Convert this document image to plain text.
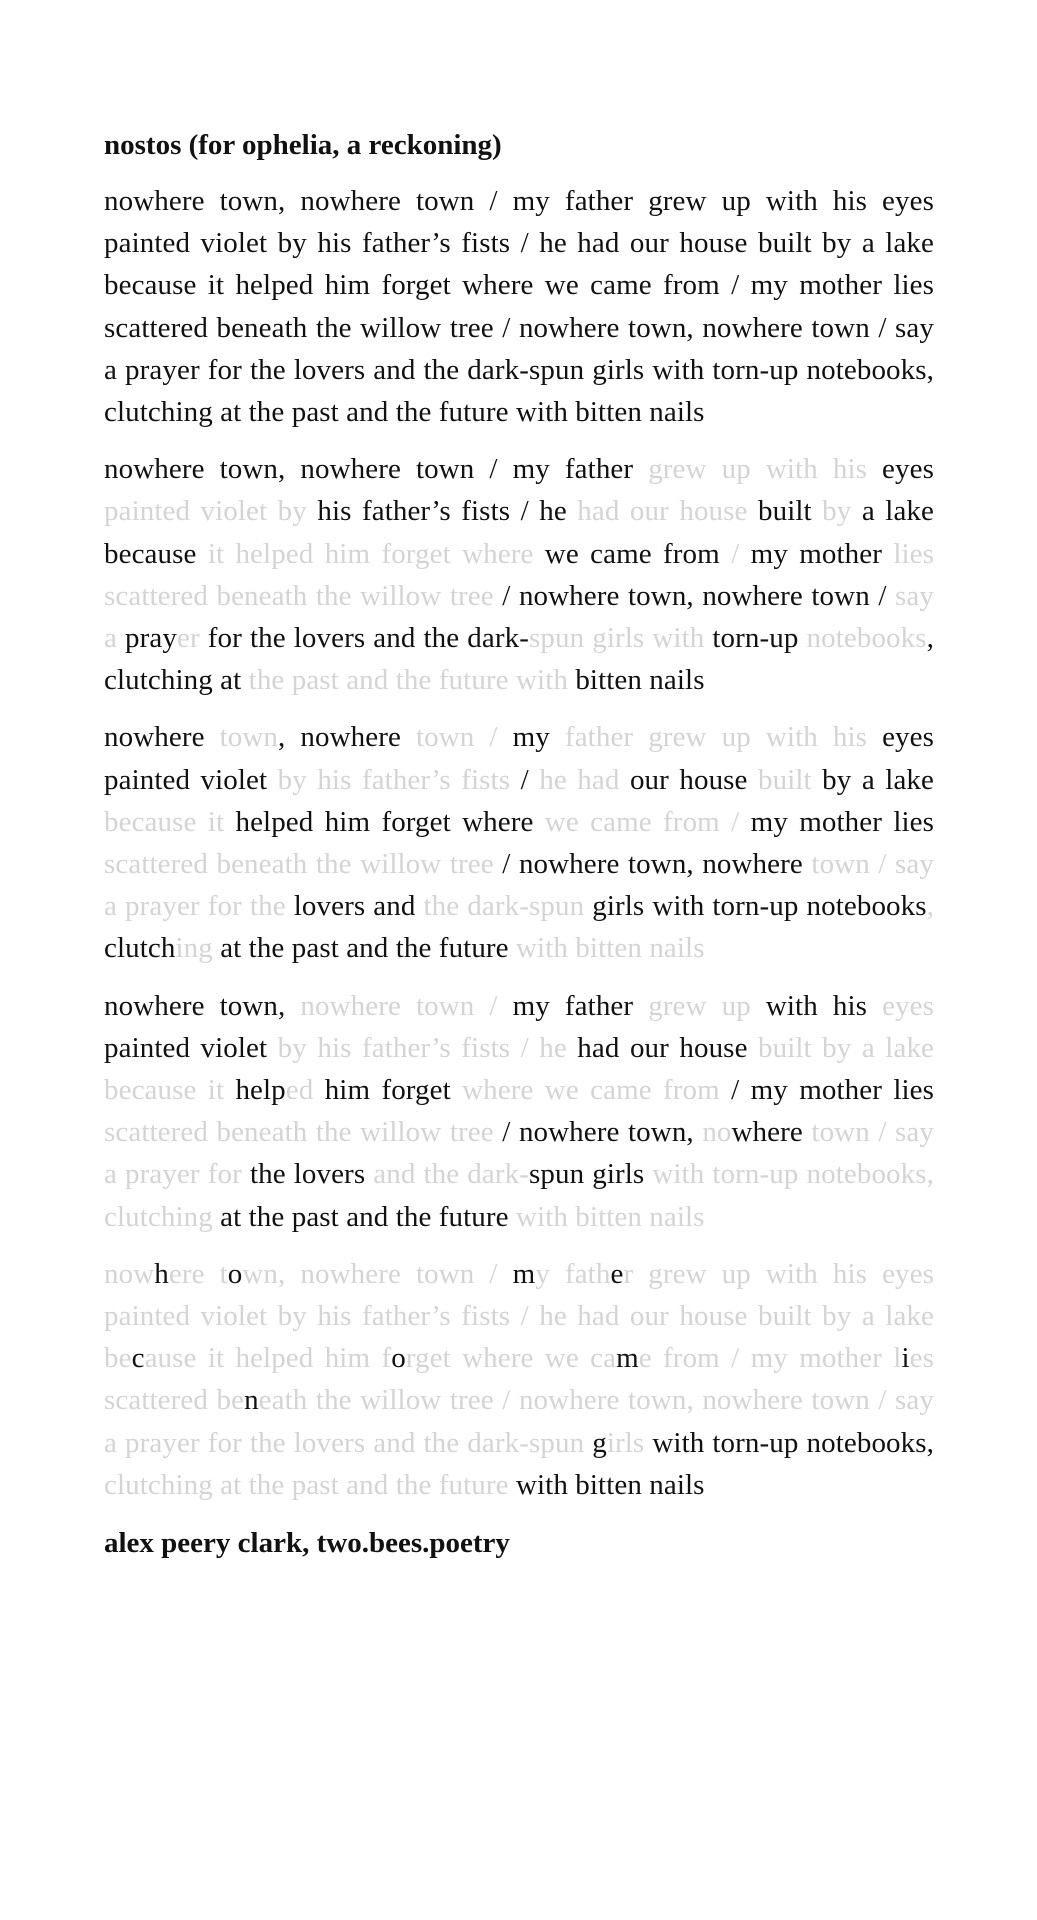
nostos (for ophelia, a reckoning)

nowhere town, nowhere town / my father grew up with his eyes painted violet by his father’s fists / he had our house built by a lake because it helped him forget where we came from / my mother lies scattered beneath the willow tree / nowhere town, nowhere town / say a prayer for the lovers and the dark-spun girls with torn-up notebooks, clutching at the past and the future with bitten nails

nowhere town, nowhere town / my father grew up with his eyes painted violet by his father’s fists / he had our house built by a lake because it helped him forget where we came from / my mother lies scattered beneath the willow tree / nowhere town, nowhere town / say a prayer for the lovers and the dark-spun girls with torn-up notebooks, clutching at the past and the future with bitten nails

nowhere town, nowhere town / my father grew up with his eyes painted violet by his father’s fists / he had our house built by a lake because it helped him forget where we came from / my mother lies scattered beneath the willow tree / nowhere town, nowhere town / say a prayer for the lovers and the dark-spun girls with torn-up notebooks, clutching at the past and the future with bitten nails

nowhere town, nowhere town / my father grew up with his eyes painted violet by his father’s fists / he had our house built by a lake because it helped him forget where we came from / my mother lies scattered beneath the willow tree / nowhere town, nowhere town / say a prayer for the lovers and the dark-spun girls with torn-up notebooks, clutching at the past and the future with bitten nails

nowhere town, nowhere town / my father grew up with his eyes painted violet by his father’s fists / he had our house built by a lake because it helped him forget where we came from / my mother lies scattered beneath the willow tree / nowhere town, nowhere town / say a prayer for the lovers and the dark-spun girls with torn-up notebooks, clutching at the past and the future with bitten nails

alex peery clark, two.bees.poetry
